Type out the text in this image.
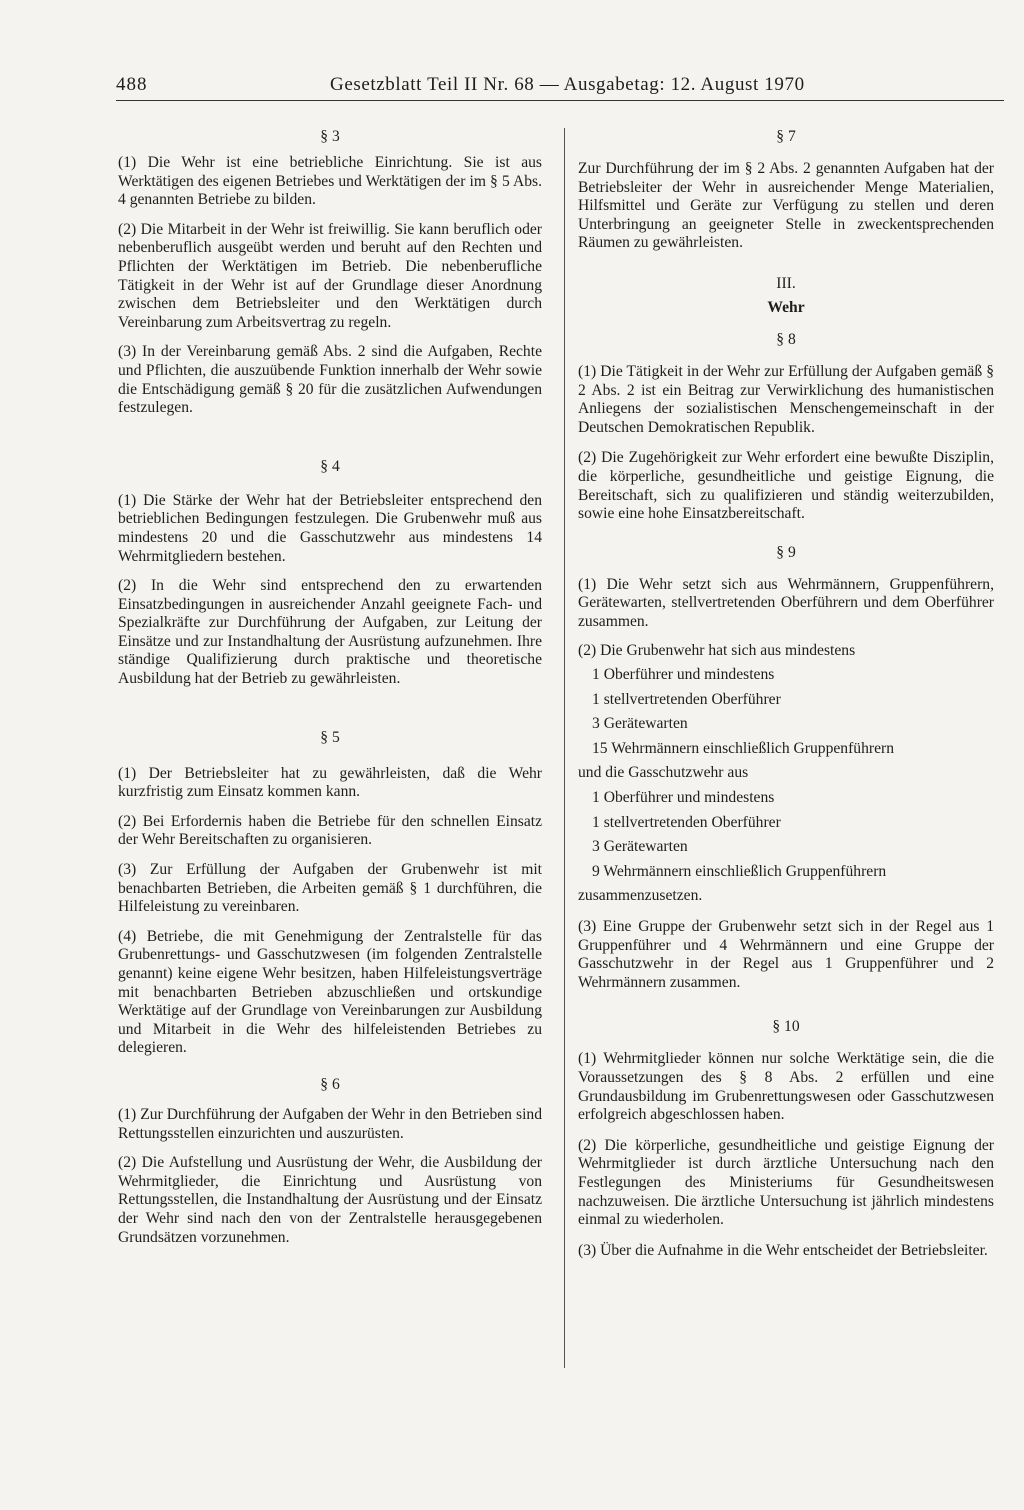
488	Gesetzblatt Teil II Nr. 68 — Ausgabetag: 12. August 1970

§ 3

(1) Die Wehr ist eine betriebliche Einrichtung. Sie ist aus Werktätigen des eigenen Betriebes und Werktätigen der im § 5 Abs. 4 genannten Betriebe zu bilden.

(2) Die Mitarbeit in der Wehr ist freiwillig. Sie kann beruflich oder nebenberuflich ausgeübt werden und beruht auf den Rechten und Pflichten der Werktätigen im Betrieb. Die nebenberufliche Tätigkeit in der Wehr ist auf der Grundlage dieser Anordnung zwischen dem Betriebsleiter und den Werktätigen durch Vereinbarung zum Arbeitsvertrag zu regeln.

(3) In der Vereinbarung gemäß Abs. 2 sind die Aufgaben, Rechte und Pflichten, die auszuübende Funktion innerhalb der Wehr sowie die Entschädigung gemäß § 20 für die zusätzlichen Aufwendungen festzulegen.

§ 4

(1) Die Stärke der Wehr hat der Betriebsleiter entsprechend den betrieblichen Bedingungen festzulegen. Die Grubenwehr muß aus mindestens 20 und die Gasschutzwehr aus mindestens 14 Wehrmitgliedern bestehen.

(2) In die Wehr sind entsprechend den zu erwartenden Einsatzbedingungen in ausreichender Anzahl geeignete Fach- und Spezialkräfte zur Durchführung der Aufgaben, zur Leitung der Einsätze und zur Instandhaltung der Ausrüstung aufzunehmen. Ihre ständige Qualifizierung durch praktische und theoretische Ausbildung hat der Betrieb zu gewährleisten.

§ 5

(1) Der Betriebsleiter hat zu gewährleisten, daß die Wehr kurzfristig zum Einsatz kommen kann.

(2) Bei Erfordernis haben die Betriebe für den schnellen Einsatz der Wehr Bereitschaften zu organisieren.

(3) Zur Erfüllung der Aufgaben der Grubenwehr ist mit benachbarten Betrieben, die Arbeiten gemäß § 1 durchführen, die Hilfeleistung zu vereinbaren.

(4) Betriebe, die mit Genehmigung der Zentralstelle für das Grubenrettungs- und Gasschutzwesen (im folgenden Zentralstelle genannt) keine eigene Wehr besitzen, haben Hilfeleistungsverträge mit benachbarten Betrieben abzuschließen und ortskundige Werktätige auf der Grundlage von Vereinbarungen zur Ausbildung und Mitarbeit in die Wehr des hilfeleistenden Betriebes zu delegieren.

§ 6

(1) Zur Durchführung der Aufgaben der Wehr in den Betrieben sind Rettungsstellen einzurichten und auszurüsten.

(2) Die Aufstellung und Ausrüstung der Wehr, die Ausbildung der Wehrmitglieder, die Einrichtung und Ausrüstung von Rettungsstellen, die Instandhaltung der Ausrüstung und der Einsatz der Wehr sind nach den von der Zentralstelle herausgegebenen Grundsätzen vorzunehmen.

§ 7

Zur Durchführung der im § 2 Abs. 2 genannten Aufgaben hat der Betriebsleiter der Wehr in ausreichender Menge Materialien, Hilfsmittel und Geräte zur Verfügung zu stellen und deren Unterbringung an geeigneter Stelle in zweckentsprechenden Räumen zu gewährleisten.

III.

Wehr

§ 8

(1) Die Tätigkeit in der Wehr zur Erfüllung der Aufgaben gemäß § 2 Abs. 2 ist ein Beitrag zur Verwirklichung des humanistischen Anliegens der sozialistischen Menschengemeinschaft in der Deutschen Demokratischen Republik.

(2) Die Zugehörigkeit zur Wehr erfordert eine bewußte Disziplin, die körperliche, gesundheitliche und geistige Eignung, die Bereitschaft, sich zu qualifizieren und ständig weiterzubilden, sowie eine hohe Einsatzbereitschaft.

§ 9

(1) Die Wehr setzt sich aus Wehrmännern, Gruppenführern, Gerätewarten, stellvertretenden Oberführern und dem Oberführer zusammen.

(2) Die Grubenwehr hat sich aus mindestens

1 Oberführer und mindestens

1 stellvertretenden Oberführer

3 Gerätewarten

15 Wehrmännern einschließlich Gruppenführern

und die Gasschutzwehr aus

1 Oberführer und mindestens

1 stellvertretenden Oberführer

3 Gerätewarten

9 Wehrmännern einschließlich Gruppenführern

zusammenzusetzen.

(3) Eine Gruppe der Grubenwehr setzt sich in der Regel aus 1 Gruppenführer und 4 Wehrmännern und eine Gruppe der Gasschutzwehr in der Regel aus 1 Gruppenführer und 2 Wehrmännern zusammen.

§ 10

(1) Wehrmitglieder können nur solche Werktätige sein, die die Voraussetzungen des § 8 Abs. 2 erfüllen und eine Grundausbildung im Grubenrettungswesen oder Gasschutzwesen erfolgreich abgeschlossen haben.

(2) Die körperliche, gesundheitliche und geistige Eignung der Wehrmitglieder ist durch ärztliche Untersuchung nach den Festlegungen des Ministeriums für Gesundheitswesen nachzuweisen. Die ärztliche Untersuchung ist jährlich mindestens einmal zu wiederholen.

(3) Über die Aufnahme in die Wehr entscheidet der Betriebsleiter.
